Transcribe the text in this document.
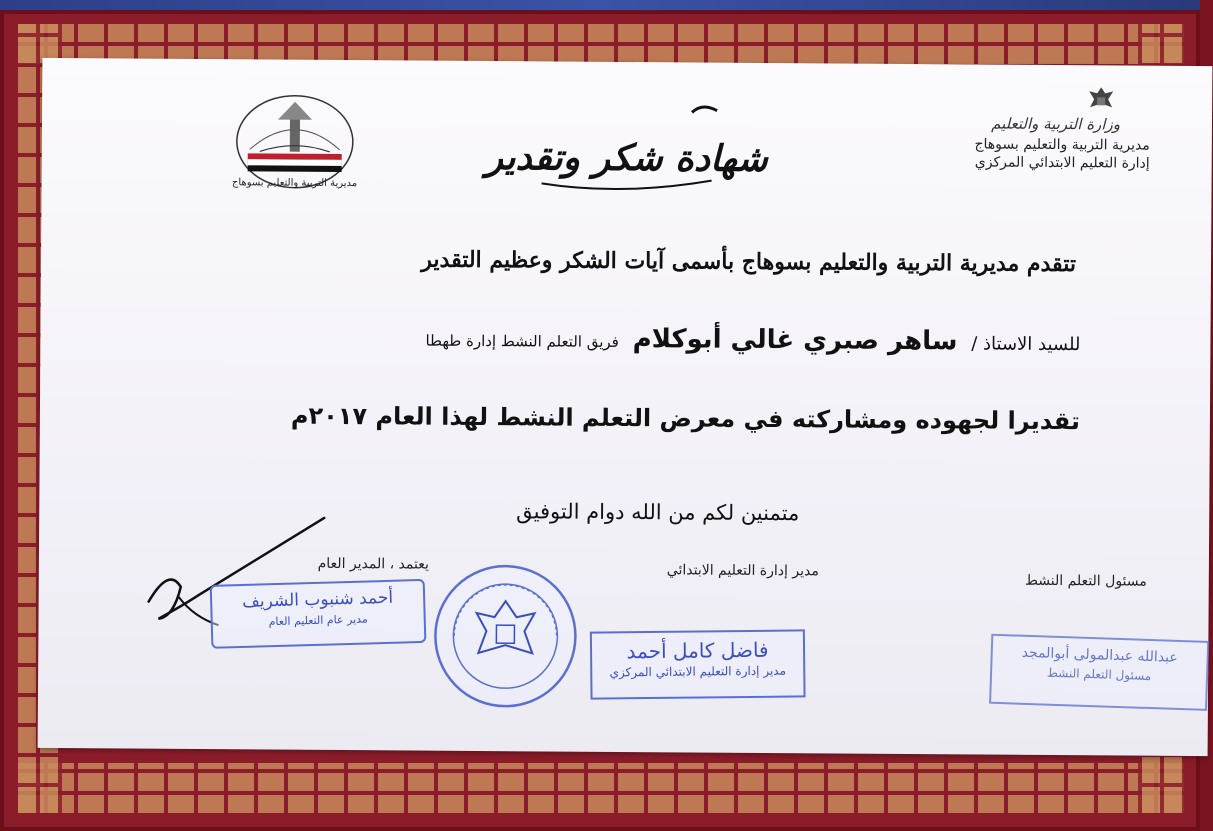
مديرية التربية والتعليم بسوهاج
شهادة شكر وتقدير
وزارة التربية والتعليم
مديرية التربية والتعليم بسوهاج
إدارة التعليم الابتدائي المركزي
تتقدم مديرية التربية والتعليم بسوهاج بأسمى آيات الشكر وعظيم التقدير
للسيد الاستاذ / ساهر صبري غالي أبوكلام فريق التعلم النشط إدارة طهطا
تقديرا لجهوده ومشاركته في معرض التعلم النشط لهذا العام ٢٠١٧م
متمنين لكم من الله دوام التوفيق
مسئول التعلم النشط
مدير إدارة التعليم الابتدائي
يعتمد ، المدير العام
أحمد شنبوب الشريف
مدير عام التعليم العام
فاضل كامل أحمد
مدير إدارة التعليم الابتدائي المركزي
عبدالله عبدالمولى أبوالمجد
مسئول التعلم النشط
